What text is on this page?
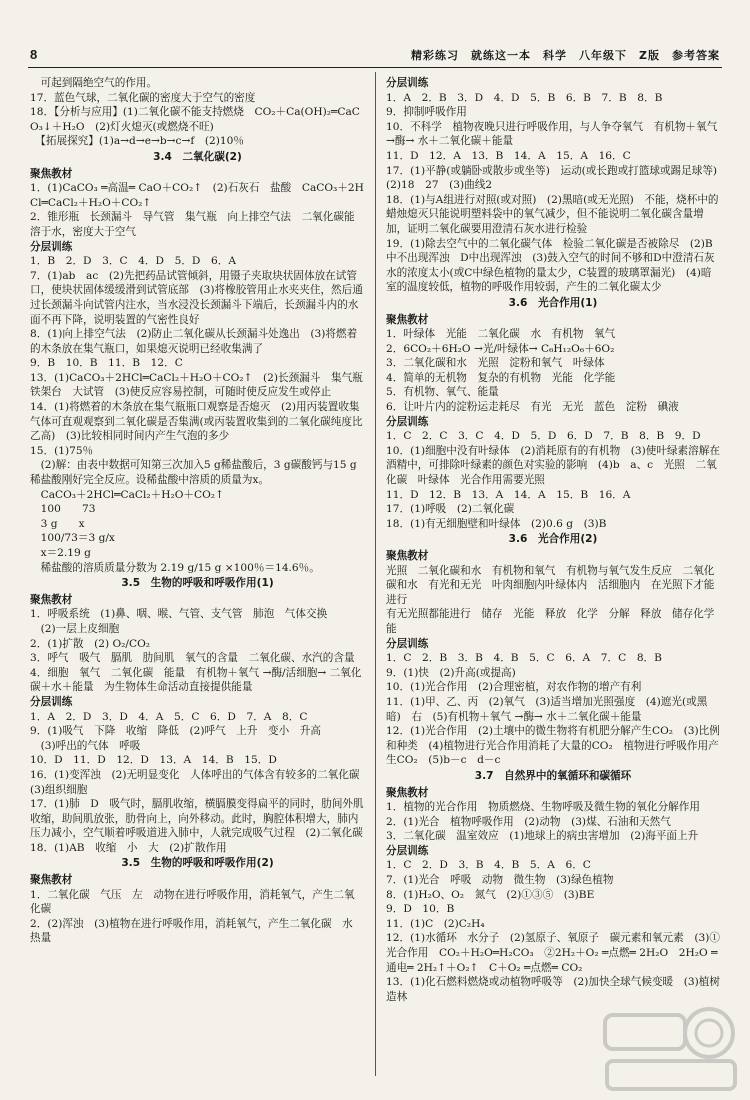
8	精彩练习　就练这一本　科学　八年级下　Z版　参考答案
　可起到隔绝空气的作用。
17．蓝色气球，二氧化碳的密度大于空气的密度
18．【分析与应用】(1)二氧化碳不能支持燃烧　CO₂＋Ca(OH)₂═CaCO₃↓＋H₂O　(2)灯火熄灭(或燃烧不旺)
　【拓展探究】(1)a→d→e→b→c→f　(2)10％
3.4　二氧化碳(2)
聚焦教材
1．(1)CaCO₃ ═高温═ CaO＋CO₂↑　(2)石灰石　盐酸　CaCO₃＋2HCl═CaCl₂＋H₂O＋CO₂↑
2．锥形瓶　长颈漏斗　导气管　集气瓶　向上排空气法　二氧化碳能溶于水，密度大于空气
分层训练
1．B　2．D　3．C　4．D　5．D　6．A
7．(1)ab　ac　(2)先把药品试管倾斜，用镊子夹取块状固体放在试管口，使块状固体缓缓滑到试管底部　(3)将橡胶管用止水夹夹住，然后通过长颈漏斗向试管内注水，当水浸没长颈漏斗下端后，长颈漏斗内的水面不再下降，说明装置的气密性良好
8．(1)向上排空气法　(2)防止二氧化碳从长颈漏斗处逸出　(3)将燃着的木条放在集气瓶口，如果熄灭说明已经收集满了
9．B　10．B　11．B　12．C
13．(1)CaCO₃＋2HCl═CaCl₂＋H₂O＋CO₂↑　(2)长颈漏斗　集气瓶　铁架台　大试管　(3)使反应容易控制，可随时使反应发生或停止
14．(1)将燃着的木条放在集气瓶瓶口观察是否熄灭　(2)用丙装置收集气体可直观观察到二氧化碳是否集满(或丙装置收集到的二氧化碳纯度比乙高)　(3)比较相同时间内产生气泡的多少
15．(1)75％
　(2)解：由表中数据可知第三次加入5 g稀盐酸后，3 g碳酸钙与15 g稀盐酸刚好完全反应。设稀盐酸中溶质的质量为x。
　CaCO₃＋2HCl═CaCl₂＋H₂O＋CO₂↑
　100　　73
　3 g　　x
　100/73＝3 g/x
　x＝2.19 g
　稀盐酸的溶质质量分数为 2.19 g/15 g ×100％＝14.6％。
3.5　生物的呼吸和呼吸作用(1)
聚焦教材
1．呼吸系统　(1)鼻、咽、喉、气管、支气管　肺泡　气体交换
　(2)一层上皮细胞
2．(1)扩散　(2) O₂/CO₂
3．呼气　吸气　膈肌　肋间肌　氧气的含量　二氧化碳、水汽的含量
4．细胞　氧气　二氧化碳　能量　有机物＋氧气 →酶/活细胞→ 二氧化碳＋水＋能量　为生物体生命活动直接提供能量
分层训练
1．A　2．D　3．D　4．A　5．C　6．D　7．A　8．C
9．(1)吸气　下降　收缩　降低　(2)呼气　上升　变小　升高
　(3)呼出的气体　呼吸
10．D　11．D　12．D　13．A　14．B　15．D
16．(1)变浑浊　(2)无明显变化　人体呼出的气体含有较多的二氧化碳　(3)组织细胞
17．(1)肺　D　吸气时，膈肌收缩，横膈膜变得扁平的同时，肋间外肌收缩，助间肌放张，肋骨向上，向外移动。此时，胸腔体积增大，肺内压力减小，空气顺着呼吸道进入肺中，人就完成吸气过程　(2)二氧化碳
18．(1)AB　收缩　小　大　(2)扩散作用
3.5　生物的呼吸和呼吸作用(2)
聚焦教材
1．二氧化碳　气压　左　动物在进行呼吸作用，消耗氧气，产生二氧化碳
2．(2)浑浊　(3)植物在进行呼吸作用，消耗氧气，产生二氧化碳　水　热量
分层训练
1．A　2．B　3．D　4．D　5．B　6．B　7．B　8．B
9．抑制呼吸作用
10．不科学　植物夜晚只进行呼吸作用，与人争夺氧气　有机物＋氧气 →酶→ 水＋二氧化碳＋能量
11．D　12．A　13．B　14．A　15．A　16．C
17．(1)平静(或躺卧或散步或坐等)　运动(或长跑或打篮球或踢足球等)　(2)18　27　(3)曲线2
18．(1)与A组进行对照(或对照)　(2)黑暗(或无光照)　不能，烧杯中的蜡烛熄灭只能说明塑料袋中的氧气减少，但不能说明二氧化碳含量增加，证明二氧化碳要用澄清石灰水进行检验
19．(1)除去空气中的二氧化碳气体　检验二氧化碳是否被除尽　(2)B中不出现浑浊　D中出现浑浊　(3)鼓入空气的时间不够和D中澄清石灰水的浓度太小(或C中绿色植物的量太少，C装置的玻璃罩漏光)　(4)暗室的温度较低，植物的呼吸作用较弱，产生的二氧化碳太少
3.6　光合作用(1)
聚焦教材
1．叶绿体　光能　二氧化碳　水　有机物　氧气
2．6CO₂＋6H₂O →光/叶绿体→ C₆H₁₂O₆＋6O₂
3．二氧化碳和水　光照　淀粉和氧气　叶绿体
4．简单的无机物　复杂的有机物　光能　化学能
5．有机物、氧气、能量
6．让叶片内的淀粉运走耗尽　有光　无光　蓝色　淀粉　碘液
分层训练
1．C　2．C　3．C　4．D　5．D　6．D　7．B　8．B　9．D
10．(1)细胞中没有叶绿体　(2)消耗原有的有机物　(3)使叶绿素溶解在酒精中，可排除叶绿素的颜色对实验的影响　(4)b　a、c　光照　二氧化碳　叶绿体　光合作用需要光照
11．D　12．B　13．A　14．A　15．B　16．A
17．(1)呼吸　(2)二氧化碳
18．(1)有无细胞壁和叶绿体　(2)0.6 g　(3)B
3.6　光合作用(2)
聚焦教材
光照　二氧化碳和水　有机物和氧气　有机物与氧气发生反应　二氧化碳和水　有光和无光　叶肉细胞内叶绿体内　活细胞内　在光照下才能进行
有无光照都能进行　储存　光能　释放　化学　分解　释放　储存化学能
分层训练
1．C　2．B　3．B　4．B　5．C　6．A　7．C　8．B
9．(1)快　(2)升高(或提高)
10．(1)光合作用　(2)合理密植，对农作物的增产有利
11．(1)甲、乙、丙　(2)氧气　(3)适当增加光照强度　(4)遮光(或黑暗)　右　(5)有机物＋氧气 →酶→ 水＋二氧化碳＋能量
12．(1)光合作用　(2)土壤中的微生物将有机肥分解产生CO₂　(3)比例和种类　(4)植物进行光合作用消耗了大量的CO₂　植物进行呼吸作用产生CO₂　(5)b－c　d－c
3.7　自然界中的氧循环和碳循环
聚焦教材
1．植物的光合作用　物质燃烧、生物呼吸及微生物的氧化分解作用
2．(1)光合　植物呼吸作用　(2)动物　(3)煤、石油和天然气
3．二氧化碳　温室效应　(1)地球上的病虫害增加　(2)海平面上升
分层训练
1．C　2．D　3．B　4．B　5．A　6．C
7．(1)光合　呼吸　动物　微生物　(3)绿色植物
8．(1)H₂O、O₂　氮气　(2)①③⑤　(3)BE
9．D　10．B
11．(1)C　(2)C₂H₄
12．(1)水循环　水分子　(2)氢原子、氧原子　碳元素和氧元素　(3)①光合作用　CO₂＋H₂O═H₂CO₃　②2H₂＋O₂ ═点燃═ 2H₂O　2H₂O ═通电═ 2H₂↑＋O₂↑　C＋O₂ ═点燃═ CO₂
13．(1)化石燃料燃烧或动植物呼吸等　(2)加快全球气候变暖　(3)植树造林
